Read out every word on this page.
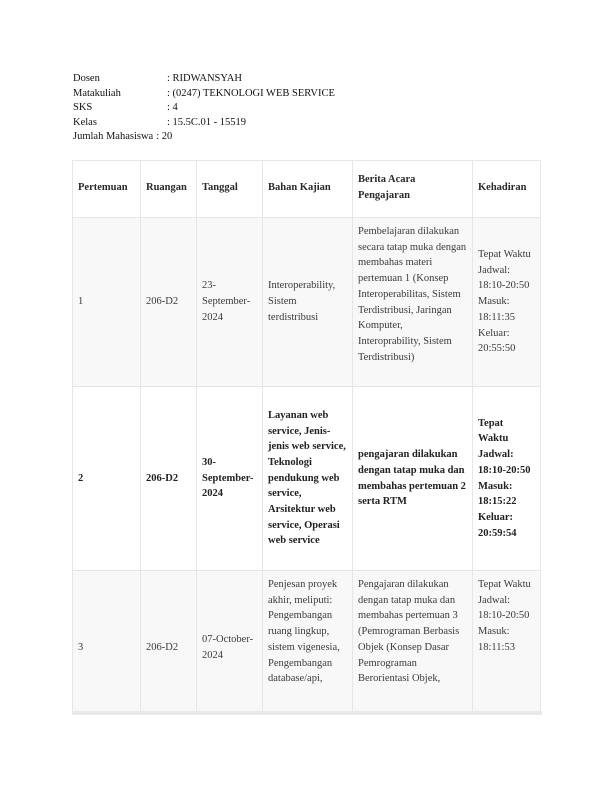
Dosen	: RIDWANSYAH
Matakuliah	: (0247) TEKNOLOGI WEB SERVICE
SKS	: 4
Kelas	: 15.5C.01 - 15519
Jumlah Mahasiswa : 20
Pertemuan	Ruangan	Tanggal	Bahan Kajian	Berita Acara Pengajaran	Kehadiran
1	206-D2	23-September-2024	Interoperability, Sistem terdistribusi	Pembelajaran dilakukan secara tatap muka dengan membahas materi pertemuan 1 (Konsep Interoperabilitas, Sistem Terdistribusi, Jaringan Komputer, Interoprability, Sistem Terdistribusi)	Tepat Waktu Jadwal: 18:10-20:50 Masuk: 18:11:35 Keluar: 20:55:50
2	206-D2	30-September-2024	Layanan web service, Jenis-jenis web service, Teknologi pendukung web service, Arsitektur web service, Operasi web service	pengajaran dilakukan dengan tatap muka dan membahas pertemuan 2 serta RTM	Tepat Waktu Jadwal: 18:10-20:50 Masuk: 18:15:22 Keluar: 20:59:54
3	206-D2	07-October-2024	Penjesan proyek akhir, meliputi: Pengembangan ruang lingkup, sistem vigenesia, Pengembangan database/api,	Pengajaran dilakukan dengan tatap muka dan membahas pertemuan 3 (Pemrograman Berbasis Objek (Konsep Dasar Pemrograman Berorientasi Objek,	Tepat Waktu Jadwal: 18:10-20:50 Masuk: 18:11:53
